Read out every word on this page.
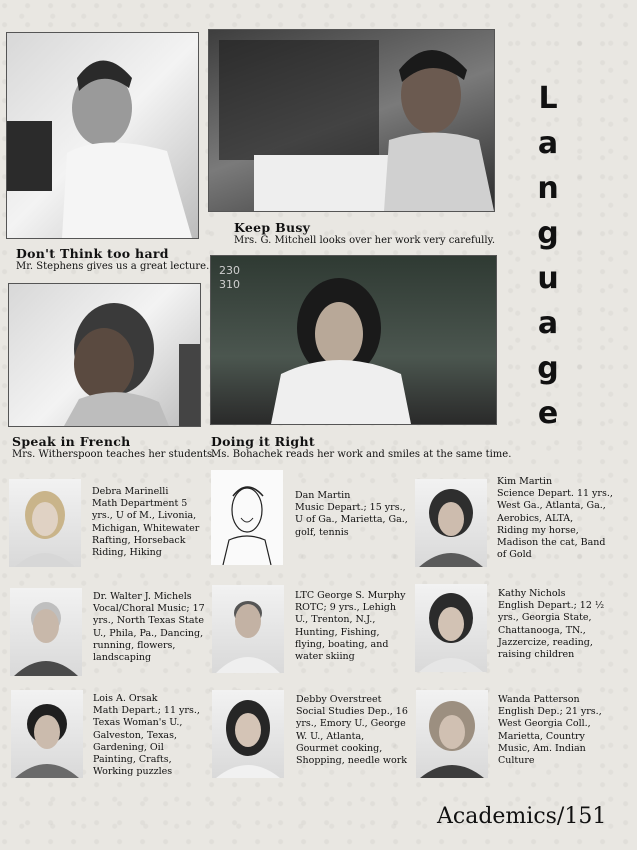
Don't Think too hard
Mr. Stephens gives us a great lecture.
Keep Busy
Mrs. G. Mitchell looks over her work very carefully.
230
310
Speak in French
Mrs. Witherspoon teaches her students.
Doing it Right
Ms. Bohachek reads her work and smiles at the same time.
L
a
n
g
u
a
g
e
Debra Marinelli
Math Department 5
yrs., U of M., Livonia,
Michigan, Whitewater
Rafting, Horseback
Riding, Hiking
Dan Martin
Music Depart.; 15 yrs.,
U of Ga., Marietta, Ga.,
golf, tennis
Kim Martin
Science Depart. 11 yrs.,
West Ga., Atlanta, Ga.,
Aerobics, ALTA,
Riding my horse,
Madison the cat, Band
of Gold
Dr. Walter J. Michels
Vocal/Choral Music; 17
yrs., North Texas State
U., Phila, Pa., Dancing,
running, flowers,
landscaping
LTC George S. Murphy
ROTC; 9 yrs., Lehigh
U., Trenton, N.J.,
Hunting, Fishing,
flying, boating, and
water skiing
Kathy Nichols
English Depart.; 12 ½
yrs., Georgia State,
Chattanooga, TN.,
Jazzercize, reading,
raising children
Lois A. Orsak
Math Depart.; 11 yrs.,
Texas Woman's U.,
Galveston, Texas,
Gardening, Oil
Painting, Crafts,
Working puzzles
Debby Overstreet
Social Studies Dep., 16
yrs., Emory U., George
W. U., Atlanta,
Gourmet cooking,
Shopping, needle work
Wanda Patterson
English Dep.; 21 yrs.,
West Georgia Coll.,
Marietta, Country
Music, Am. Indian
Culture
Academics/151
